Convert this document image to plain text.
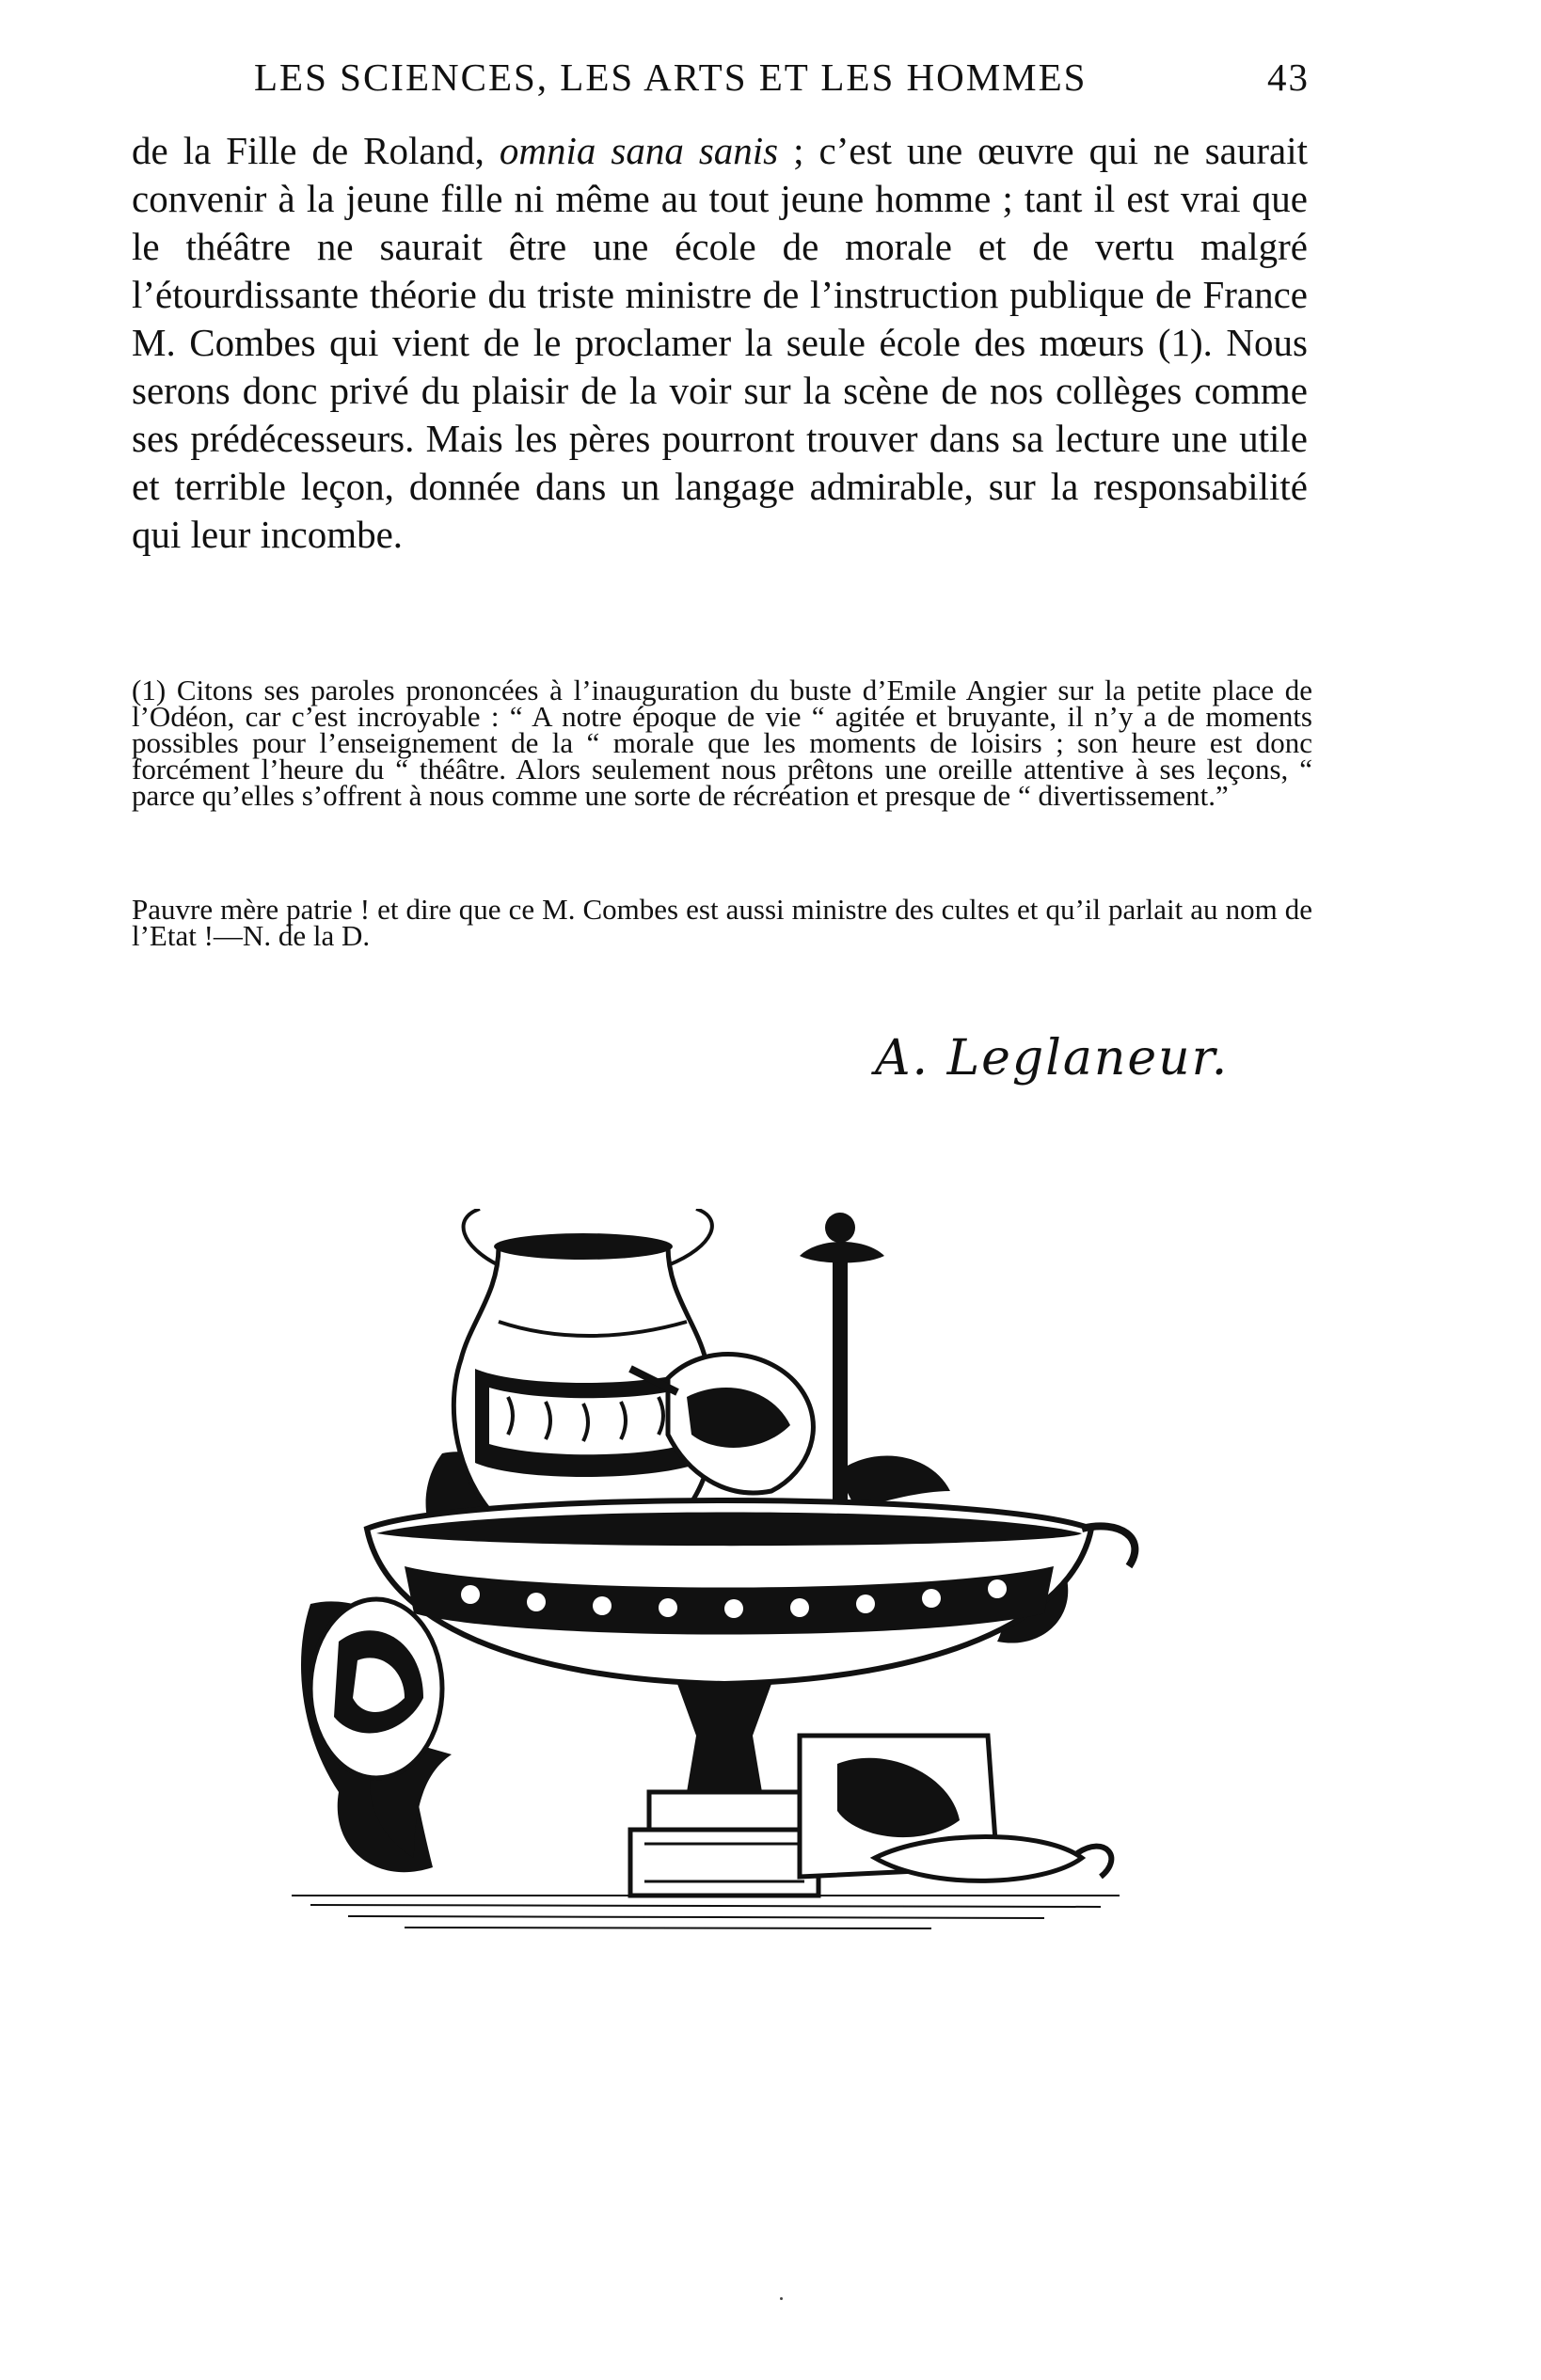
LES SCIENCES, LES ARTS ET LES HOMMES	43

de la Fille de Roland, omnia sana sanis ; c’est une œuvre qui ne saurait convenir à la jeune fille ni même au tout jeune homme ; tant il est vrai que le théâtre ne saurait être une école de morale et de vertu malgré l’étourdissante théorie du triste ministre de l’instruction publique de France M. Combes qui vient de le proclamer la seule école des mœurs (1). Nous serons donc privé du plaisir de la voir sur la scène de nos collèges comme ses prédécesseurs. Mais les pères pourront trouver dans sa lecture une utile et terrible leçon, donnée dans un langage admirable, sur la responsabilité qui leur incombe.

(1) Citons ses paroles prononcées à l’inauguration du buste d’Emile Angier sur la petite place de l’Odéon, car c’est incroyable : “ A notre époque de vie “ agitée et bruyante, il n’y a de moments possibles pour l’enseignement de la “ morale que les moments de loisirs ; son heure est donc forcément l’heure du “ théâtre. Alors seulement nous prêtons une oreille attentive à ses leçons, “ parce qu’elles s’offrent à nous comme une sorte de récréation et presque de “ divertissement.”

Pauvre mère patrie ! et dire que ce M. Combes est aussi ministre des cultes et qu’il parlait au nom de l’Etat !—N. de la D.

A. Leglaneur.
